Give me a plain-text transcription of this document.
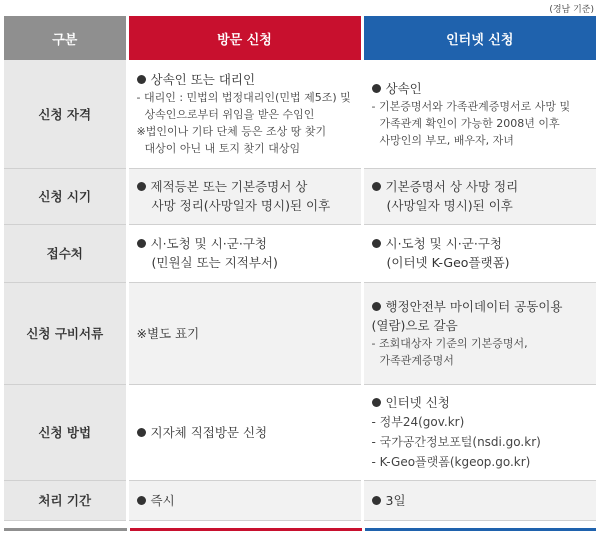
(경남 기준)
구분	방문 신청	인터넷 신청
신청 자격	상속인 또는 대리인
- 대리인 : 민법의 법정대리인(민법 제5조) 및
상속인으로부터 위임을 받은 수임인
※법인이나 기타 단체 등은 조상 땅 찾기
대상이 아닌 내 토지 찾기 대상임	상속인
- 기본증명서와 가족관계증명서로 사망 및
가족관계 확인이 가능한 2008년 이후
사망인의 부모, 배우자, 자녀

신청 시기	제적등본 또는 기본증명서 상
사망 정리(사망일자 명시)된 이후	기본증명서 상 사망 정리
(사망일자 명시)된 이후

접수처	시·도청 및 시·군·구청
(민원실 또는 지적부서)	시·도청 및 시·군·구청
(이터넷 K-Geo플랫폼)

신청 구비서류	※별도 표기	행정안전부 마이데이터 공동이용
(열람)으로 갈음
- 조회대상자 기준의 기본증명서,
가족관계증명서

신청 방법	지자체 직접방문 신청	인터넷 신청
- 정부24(gov.kr)
- 국가공간정보포털(nsdi.go.kr)
- K-Geo플랫폼(kgeop.go.kr)

처리 기간	즉시	3일
